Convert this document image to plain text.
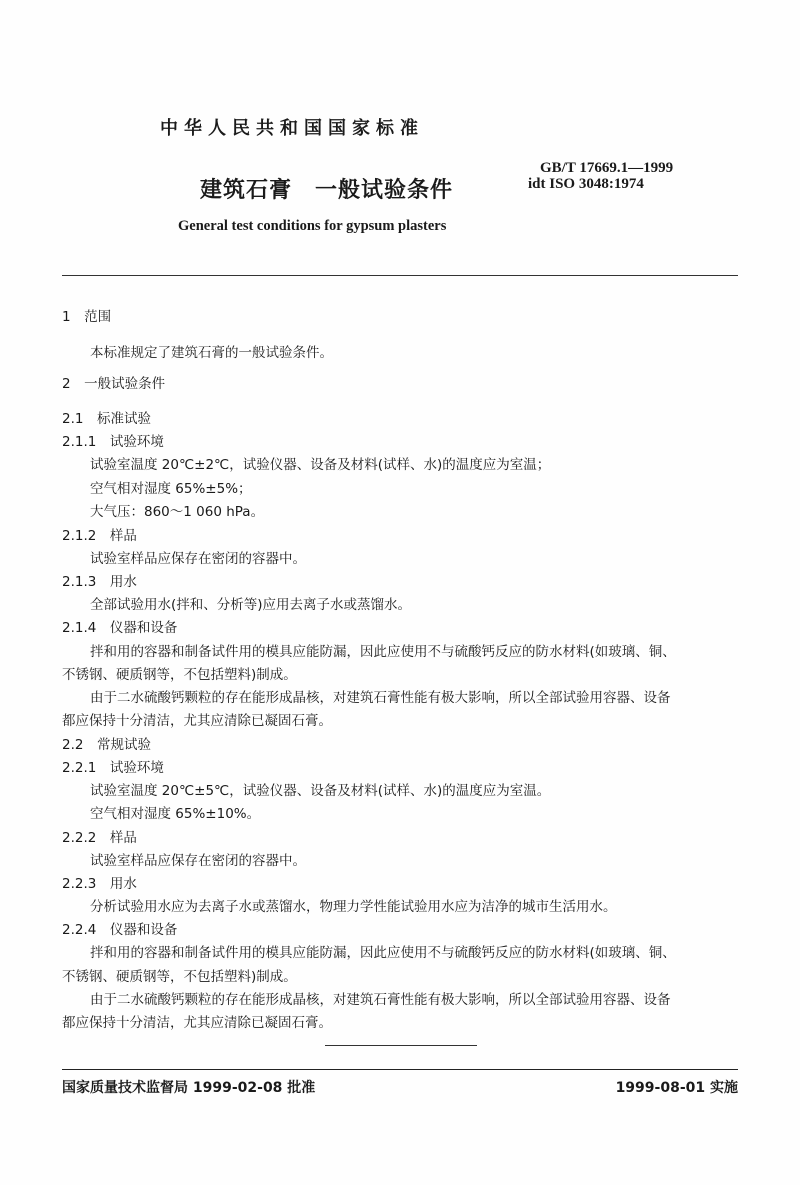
中华人民共和国国家标准
建筑石膏　一般试验条件
GB/T 17669.1—1999
idt ISO 3048:1974
General test conditions for gypsum plasters
1　范围
本标准规定了建筑石膏的一般试验条件。
2　一般试验条件
2.1　标准试验
2.1.1　试验环境
试验室温度 20℃±2℃，试验仪器、设备及材料(试样、水)的温度应为室温；
空气相对湿度 65%±5%；
大气压：860～1 060 hPa。
2.1.2　样品
试验室样品应保存在密闭的容器中。
2.1.3　用水
全部试验用水(拌和、分析等)应用去离子水或蒸馏水。
2.1.4　仪器和设备
拌和用的容器和制备试件用的模具应能防漏，因此应使用不与硫酸钙反应的防水材料(如玻璃、铜、
不锈钢、硬质钢等，不包括塑料)制成。
由于二水硫酸钙颗粒的存在能形成晶核，对建筑石膏性能有极大影响，所以全部试验用容器、设备
都应保持十分清洁，尤其应清除已凝固石膏。
2.2　常规试验
2.2.1　试验环境
试验室温度 20℃±5℃，试验仪器、设备及材料(试样、水)的温度应为室温。
空气相对湿度 65%±10%。
2.2.2　样品
试验室样品应保存在密闭的容器中。
2.2.3　用水
分析试验用水应为去离子水或蒸馏水，物理力学性能试验用水应为洁净的城市生活用水。
2.2.4　仪器和设备
拌和用的容器和制备试件用的模具应能防漏，因此应使用不与硫酸钙反应的防水材料(如玻璃、铜、
不锈钢、硬质钢等，不包括塑料)制成。
由于二水硫酸钙颗粒的存在能形成晶核，对建筑石膏性能有极大影响，所以全部试验用容器、设备
都应保持十分清洁，尤其应清除已凝固石膏。
国家质量技术监督局 1999-02-08 批准	1999-08-01 实施
